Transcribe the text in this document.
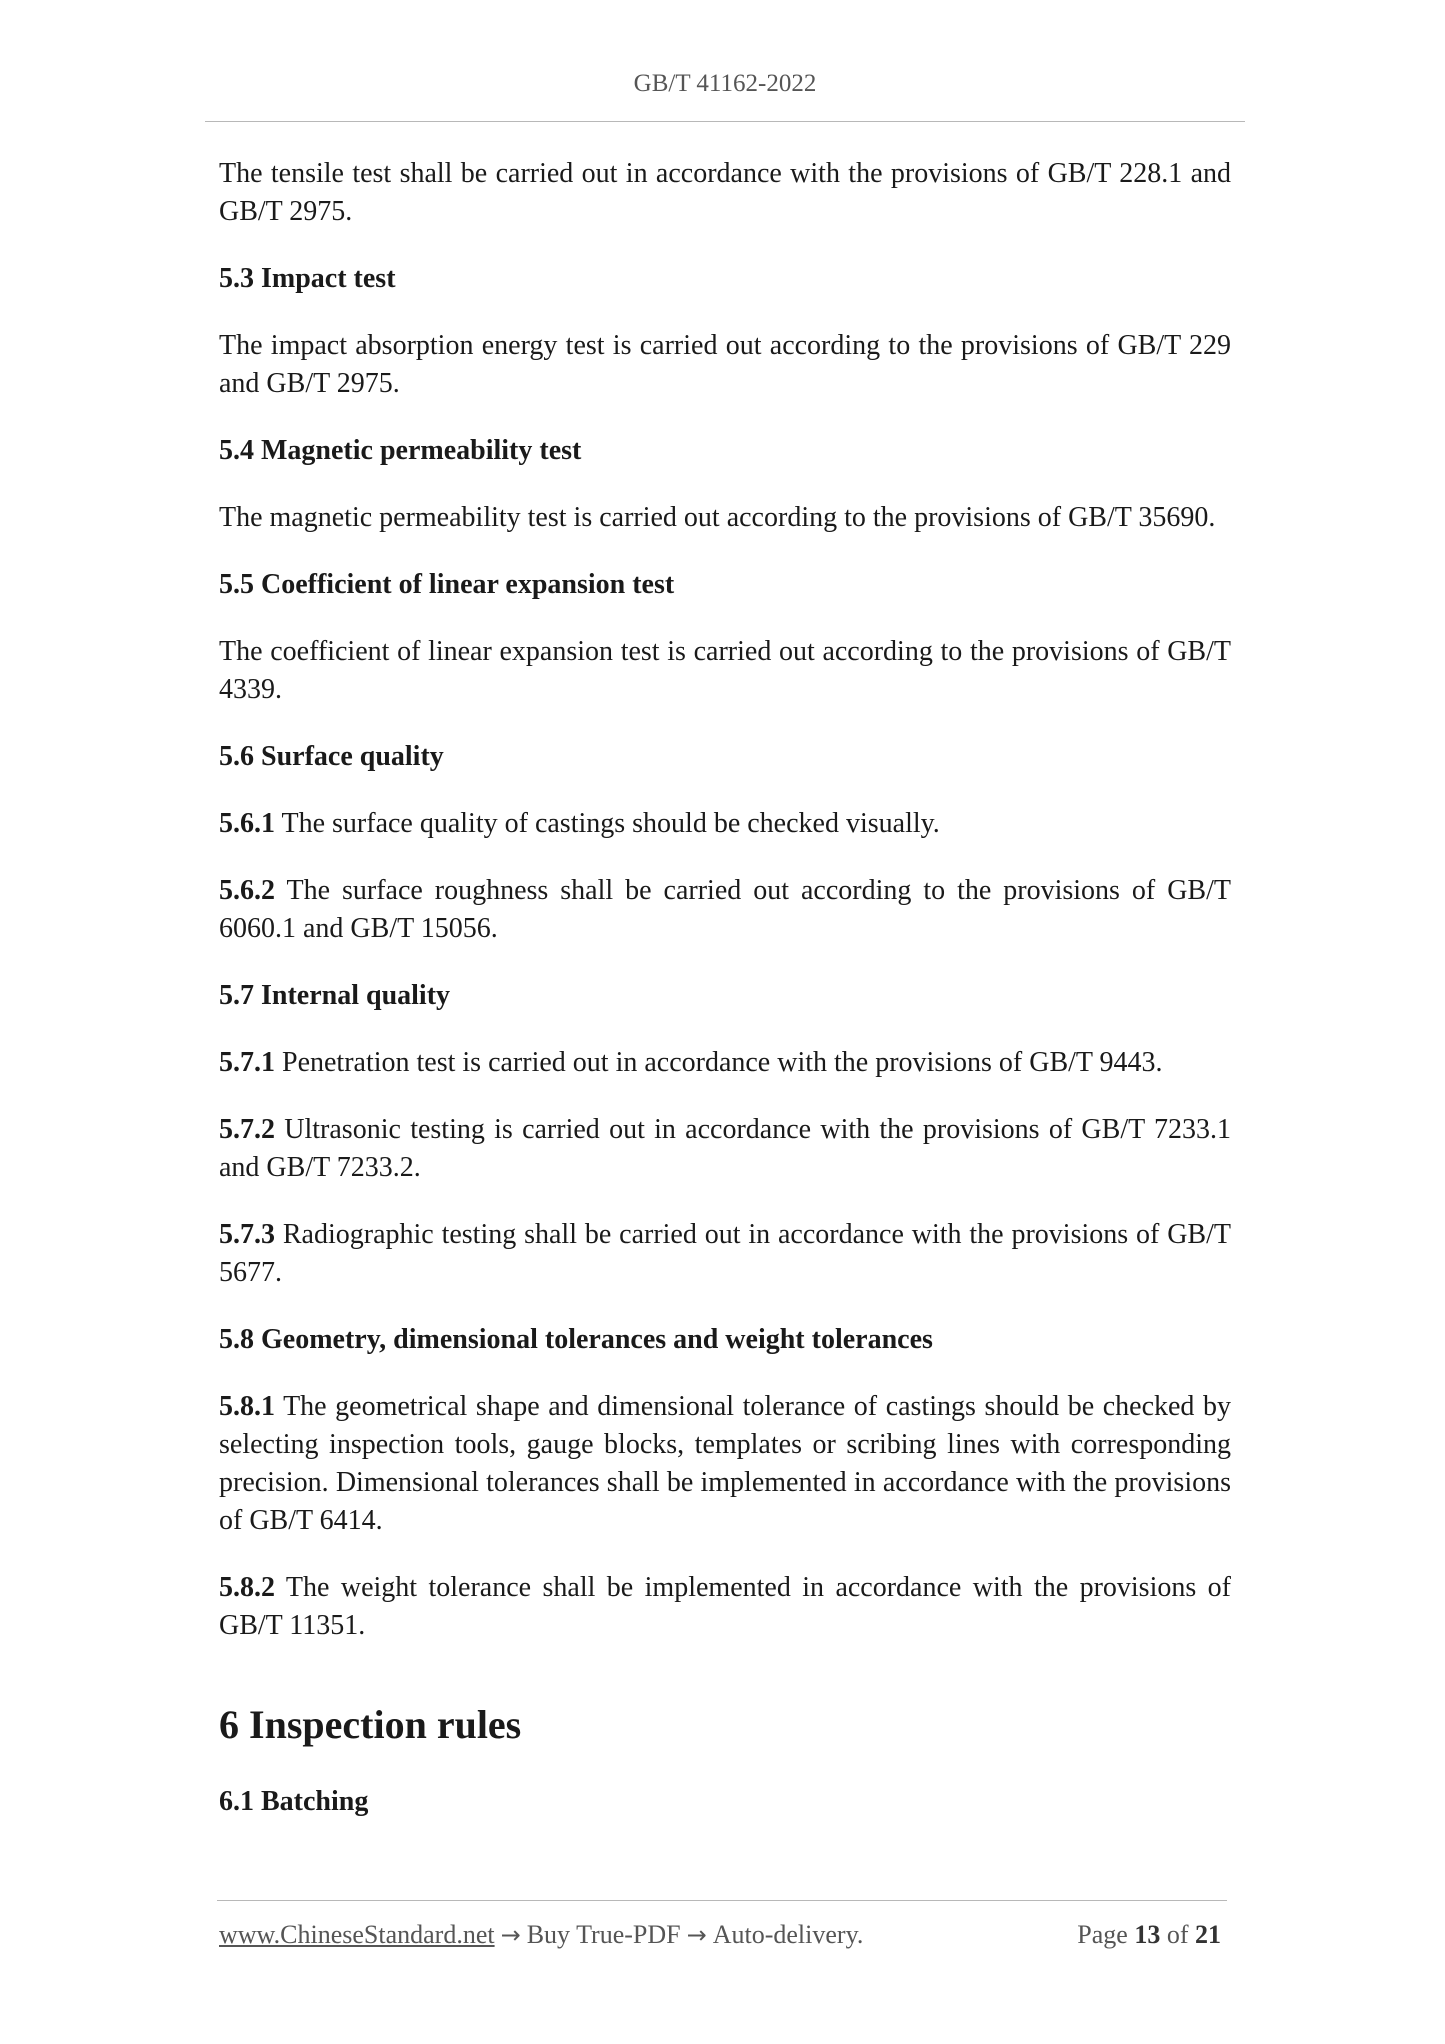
GB/T 41162-2022

The tensile test shall be carried out in accordance with the provisions of GB/T 228.1 and GB/T 2975.

5.3 Impact test

The impact absorption energy test is carried out according to the provisions of GB/T 229 and GB/T 2975.

5.4 Magnetic permeability test

The magnetic permeability test is carried out according to the provisions of GB/T 35690.

5.5 Coefficient of linear expansion test

The coefficient of linear expansion test is carried out according to the provisions of GB/T 4339.

5.6 Surface quality

5.6.1 The surface quality of castings should be checked visually.

5.6.2 The surface roughness shall be carried out according to the provisions of GB/T 6060.1 and GB/T 15056.

5.7 Internal quality

5.7.1 Penetration test is carried out in accordance with the provisions of GB/T 9443.

5.7.2 Ultrasonic testing is carried out in accordance with the provisions of GB/T 7233.1 and GB/T 7233.2.

5.7.3 Radiographic testing shall be carried out in accordance with the provisions of GB/T 5677.

5.8 Geometry, dimensional tolerances and weight tolerances

5.8.1 The geometrical shape and dimensional tolerance of castings should be checked by selecting inspection tools, gauge blocks, templates or scribing lines with corresponding precision. Dimensional tolerances shall be implemented in accordance with the provisions of GB/T 6414.

5.8.2 The weight tolerance shall be implemented in accordance with the provisions of GB/T 11351.

6 Inspection rules

6.1 Batching

www.ChineseStandard.net → Buy True-PDF → Auto-delivery.	Page 13 of 21
